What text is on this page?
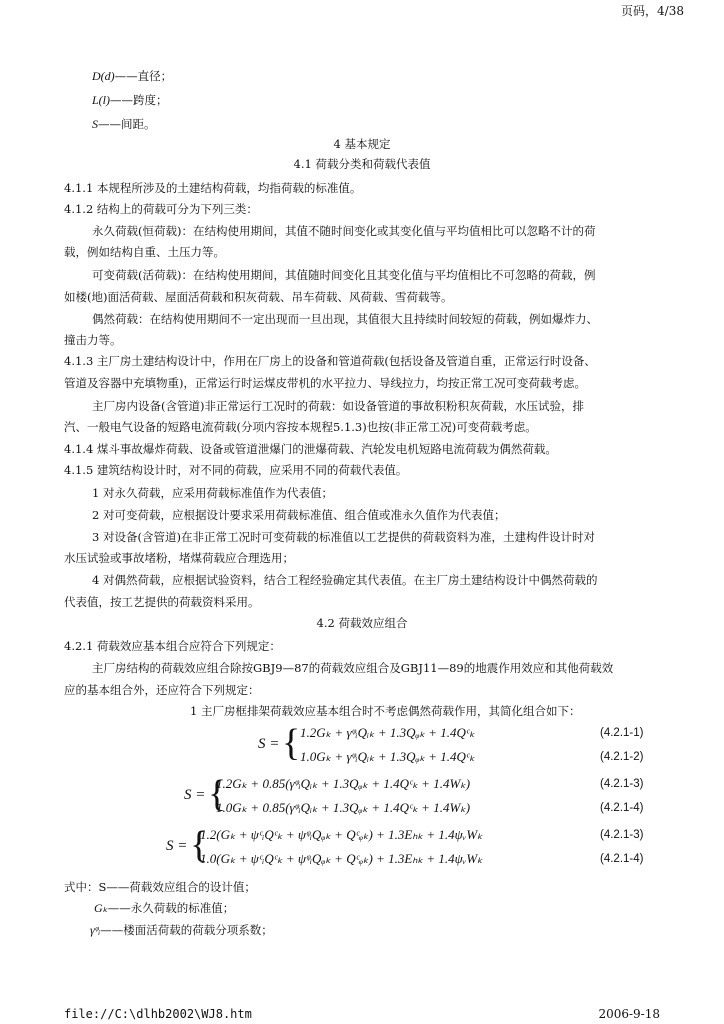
页码，4/38
D(d)——直径；
L(l)——跨度；
S——间距。
4 基本规定
4.1 荷载分类和荷载代表值
4.1.1 本规程所涉及的土建结构荷载，均指荷载的标准值。
4.1.2 结构上的荷载可分为下列三类：
永久荷载(恒荷载)：在结构使用期间，其值不随时间变化或其变化值与平均值相比可以忽略不计的荷
载，例如结构自重、土压力等。
可变荷载(活荷载)：在结构使用期间，其值随时间变化且其变化值与平均值相比不可忽略的荷载，例
如楼(地)面活荷载、屋面活荷载和积灰荷载、吊车荷载、风荷载、雪荷载等。
偶然荷载：在结构使用期间不一定出现而一旦出现，其值很大且持续时间较短的荷载，例如爆炸力、
撞击力等。
4.1.3 主厂房土建结构设计中，作用在厂房上的设备和管道荷载(包括设备及管道自重，正常运行时设备、
管道及容器中充填物重)，正常运行时运煤皮带机的水平拉力、导线拉力，均按正常工况可变荷载考虑。
主厂房内设备(含管道)非正常运行工况时的荷载：如设备管道的事故积粉积灰荷载，水压试验，排
汽、一般电气设备的短路电流荷载(分项内容按本规程5.1.3)也按(非正常工况)可变荷载考虑。
4.1.4 煤斗事故爆炸荷载、设备或管道泄爆门的泄爆荷载、汽轮发电机短路电流荷载为偶然荷载。
4.1.5 建筑结构设计时，对不同的荷载，应采用不同的荷载代表值。
1 对永久荷载，应采用荷载标准值作为代表值；
2 对可变荷载，应根据设计要求采用荷载标准值、组合值或准永久值作为代表值；
3 对设备(含管道)在非正常工况时可变荷载的标准值以工艺提供的荷载资料为准，土建构件设计时对
水压试验或事故堵粉，堵煤荷载应合理选用；
4 对偶然荷载，应根据试验资料，结合工程经验确定其代表值。在主厂房土建结构设计中偶然荷载的
代表值，按工艺提供的荷载资料采用。
4.2 荷载效应组合
4.2.1 荷载效应基本组合应符合下列规定：
主厂房结构的荷载效应组合除按GBJ9—87的荷载效应组合及GBJ11—89的地震作用效应和其他荷载效
应的基本组合外，还应符合下列规定：
1 主厂房框排架荷载效应基本组合时不考虑偶然荷载作用，其简化组合如下：
S = { 1.2Gₖ + γᵠᵢQᵢₖ + 1.3Qᵩₖ + 1.4Qᶜₖ
1.0Gₖ + γᵠᵢQᵢₖ + 1.3Qᵩₖ + 1.4Qᶜₖ
(4.2.1-1)
(4.2.1-2)
S = {
1.2Gₖ + 0.85(γᵠᵢQᵢₖ + 1.3Qᵩₖ + 1.4Qᶜₖ + 1.4Wₖ)
1.0Gₖ + 0.85(γᵠᵢQᵢₖ + 1.3Qᵩₖ + 1.4Qᶜₖ + 1.4Wₖ)
(4.2.1-3)
(4.2.1-4)
S = {
1.2(Gₖ + ψᶜᵢQᶜₖ + ψᵠᵢQᵩₖ + Qᶜᵩₖ) + 1.3Eₕₖ + 1.4ψᵥWₖ
1.0(Gₖ + ψᶜᵢQᶜₖ + ψᵠᵢQᵩₖ + Qᶜᵩₖ) + 1.3Eₕₖ + 1.4ψᵥWₖ
(4.2.1-3)
(4.2.1-4)
式中：S——荷载效应组合的设计值；
Gₖ——永久荷载的标准值；
γᵠᵢ——楼面活荷载的荷载分项系数；
file://C:\dlhb2002\WJ8.htm	2006-9-18
